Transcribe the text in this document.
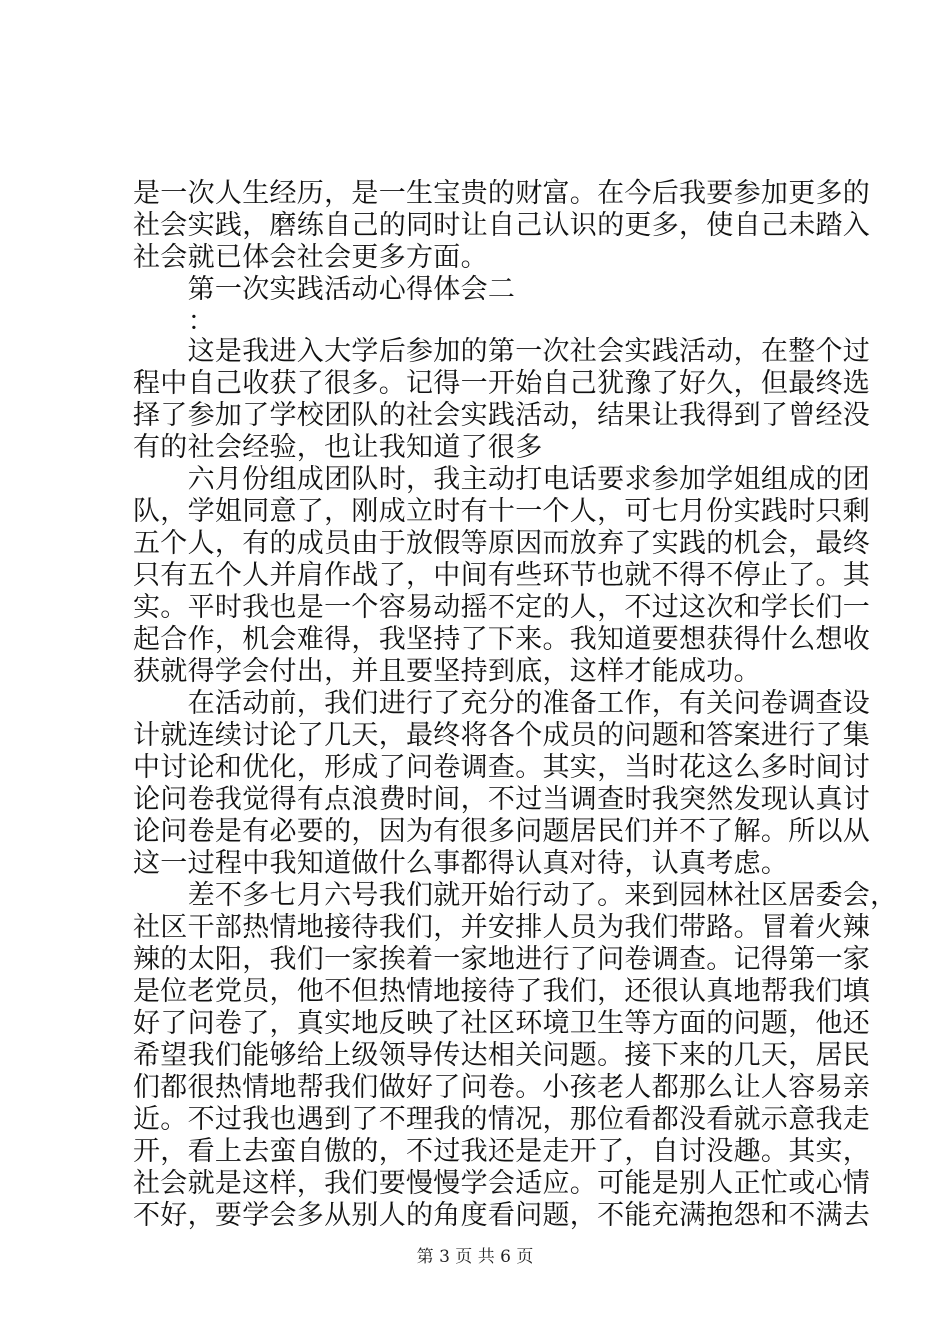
是一次人生经历，是一生宝贵的财富。在今后我要参加更多的
社会实践，磨练自己的同时让自己认识的更多，使自己未踏入
社会就已体会社会更多方面。
　　第一次实践活动心得体会二
　　：
　　这是我进入大学后参加的第一次社会实践活动，在整个过
程中自己收获了很多。记得一开始自己犹豫了好久，但最终选
择了参加了学校团队的社会实践活动，结果让我得到了曾经没
有的社会经验，也让我知道了很多
　　六月份组成团队时，我主动打电话要求参加学姐组成的团
队，学姐同意了，刚成立时有十一个人，可七月份实践时只剩
五个人，有的成员由于放假等原因而放弃了实践的机会，最终
只有五个人并肩作战了，中间有些环节也就不得不停止了。其
实。平时我也是一个容易动摇不定的人，不过这次和学长们一
起合作，机会难得，我坚持了下来。我知道要想获得什么想收
获就得学会付出，并且要坚持到底，这样才能成功。
　　在活动前，我们进行了充分的准备工作，有关问卷调查设
计就连续讨论了几天，最终将各个成员的问题和答案进行了集
中讨论和优化，形成了问卷调查。其实，当时花这么多时间讨
论问卷我觉得有点浪费时间，不过当调查时我突然发现认真讨
论问卷是有必要的，因为有很多问题居民们并不了解。所以从
这一过程中我知道做什么事都得认真对待，认真考虑。
　　差不多七月六号我们就开始行动了。来到园林社区居委会，
社区干部热情地接待我们，并安排人员为我们带路。冒着火辣
辣的太阳，我们一家挨着一家地进行了问卷调查。记得第一家
是位老党员，他不但热情地接待了我们，还很认真地帮我们填
好了问卷了，真实地反映了社区环境卫生等方面的问题，他还
希望我们能够给上级领导传达相关问题。接下来的几天，居民
们都很热情地帮我们做好了问卷。小孩老人都那么让人容易亲
近。不过我也遇到了不理我的情况，那位看都没看就示意我走
开，看上去蛮自傲的，不过我还是走开了，自讨没趣。其实，
社会就是这样，我们要慢慢学会适应。可能是别人正忙或心情
不好，要学会多从别人的角度看问题，不能充满抱怨和不满去
第 3 页 共 6 页
